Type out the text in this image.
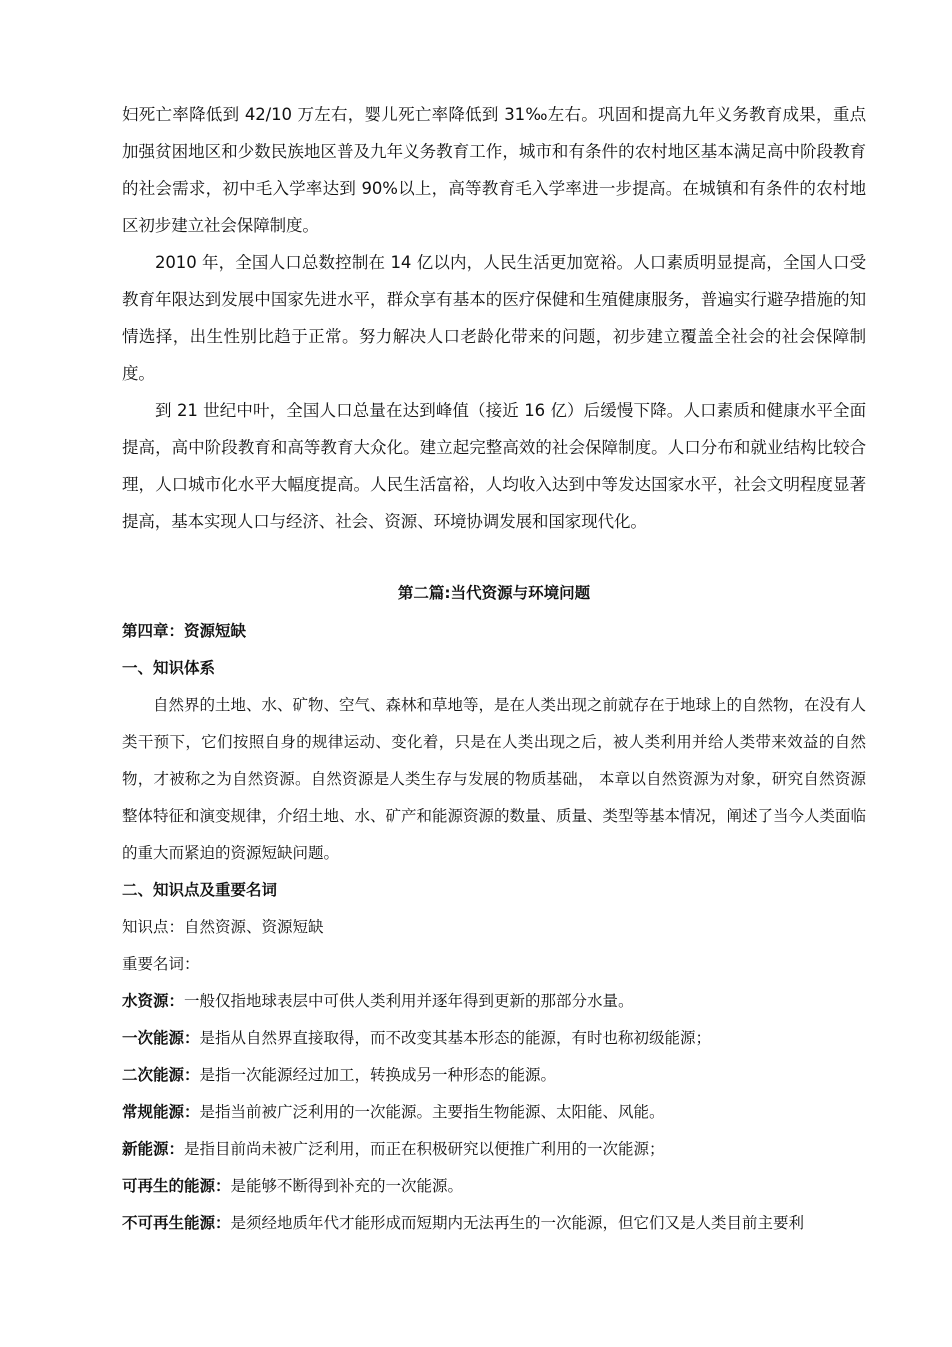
妇死亡率降低到 42/10 万左右，婴儿死亡率降低到 31‰左右。巩固和提高九年义务教育成果，重点加强贫困地区和少数民族地区普及九年义务教育工作，城市和有条件的农村地区基本满足高中阶段教育的社会需求，初中毛入学率达到 90%以上，高等教育毛入学率进一步提高。在城镇和有条件的农村地区初步建立社会保障制度。

2010 年，全国人口总数控制在 14 亿以内，人民生活更加宽裕。人口素质明显提高，全国人口受教育年限达到发展中国家先进水平，群众享有基本的医疗保健和生殖健康服务，普遍实行避孕措施的知情选择，出生性别比趋于正常。努力解决人口老龄化带来的问题，初步建立覆盖全社会的社会保障制度。

到 21 世纪中叶，全国人口总量在达到峰值（接近 16 亿）后缓慢下降。人口素质和健康水平全面提高，高中阶段教育和高等教育大众化。建立起完整高效的社会保障制度。人口分布和就业结构比较合理，人口城市化水平大幅度提高。人民生活富裕，人均收入达到中等发达国家水平，社会文明程度显著提高，基本实现人口与经济、社会、资源、环境协调发展和国家现代化。

第二篇:当代资源与环境问题

第四章：资源短缺

一、知识体系

自然界的土地、水、矿物、空气、森林和草地等，是在人类出现之前就存在于地球上的自然物，在没有人类干预下，它们按照自身的规律运动、变化着，只是在人类出现之后，被人类利用并给人类带来效益的自然物，才被称之为自然资源。自然资源是人类生存与发展的物质基础， 本章以自然资源为对象，研究自然资源整体特征和演变规律，介绍土地、水、矿产和能源资源的数量、质量、类型等基本情况，阐述了当今人类面临的重大而紧迫的资源短缺问题。

二、知识点及重要名词

知识点：自然资源、资源短缺

重要名词：

水资源：一般仅指地球表层中可供人类利用并逐年得到更新的那部分水量。

一次能源：是指从自然界直接取得，而不改变其基本形态的能源，有时也称初级能源；

二次能源：是指一次能源经过加工，转换成另一种形态的能源。

常规能源：是指当前被广泛利用的一次能源。主要指生物能源、太阳能、风能。

新能源：是指目前尚未被广泛利用，而正在积极研究以便推广利用的一次能源；

可再生的能源：是能够不断得到补充的一次能源。

不可再生能源：是须经地质年代才能形成而短期内无法再生的一次能源，但它们又是人类目前主要利
